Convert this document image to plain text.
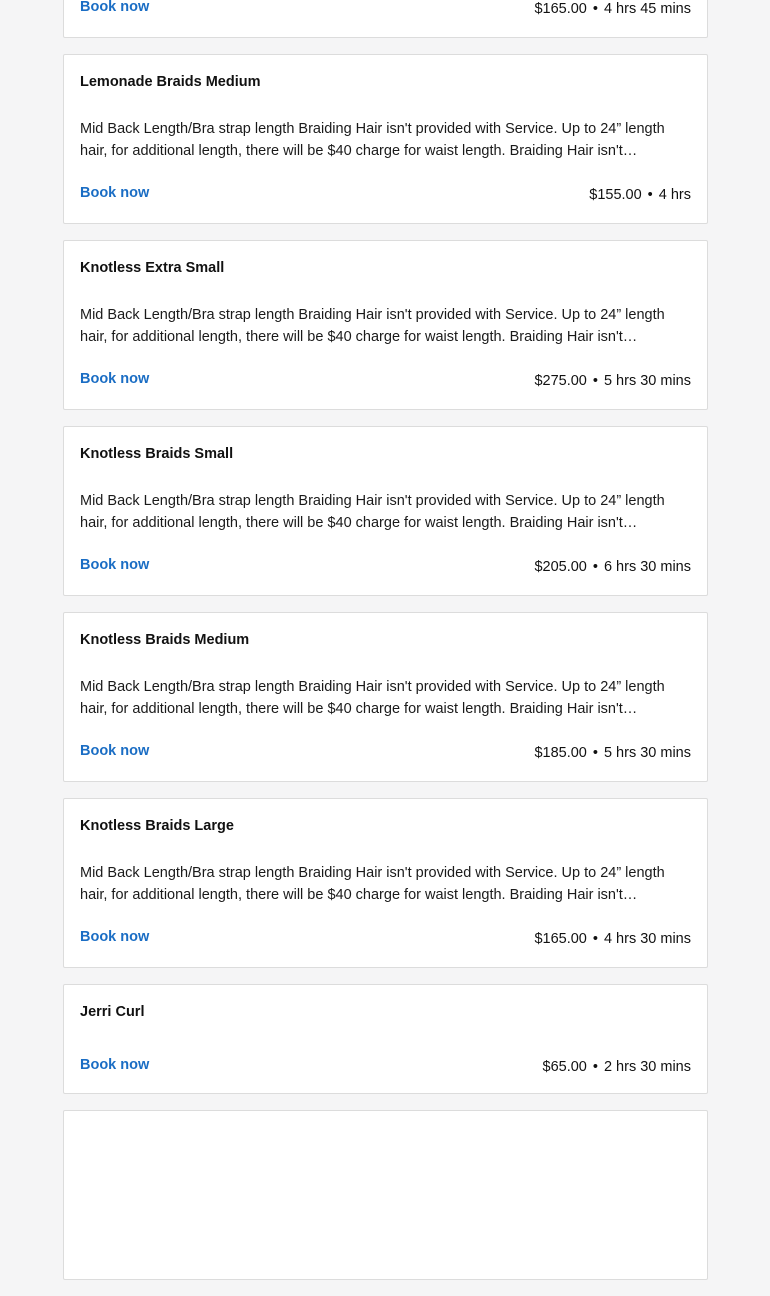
Book now	$165.00 • 4 hrs 45 mins
Lemonade Braids Medium
Mid Back Length/Bra strap length Braiding Hair isn't provided with Service. Up to 24” length hair, for additional length, there will be $40 charge for waist length. Braiding Hair isn't…
Book now	$155.00 • 4 hrs
Knotless Extra Small
Mid Back Length/Bra strap length Braiding Hair isn't provided with Service. Up to 24” length hair, for additional length, there will be $40 charge for waist length. Braiding Hair isn't…
Book now	$275.00 • 5 hrs 30 mins
Knotless Braids Small
Mid Back Length/Bra strap length Braiding Hair isn't provided with Service. Up to 24” length hair, for additional length, there will be $40 charge for waist length. Braiding Hair isn't…
Book now	$205.00 • 6 hrs 30 mins
Knotless Braids Medium
Mid Back Length/Bra strap length Braiding Hair isn't provided with Service. Up to 24” length hair, for additional length, there will be $40 charge for waist length. Braiding Hair isn't…
Book now	$185.00 • 5 hrs 30 mins
Knotless Braids Large
Mid Back Length/Bra strap length Braiding Hair isn't provided with Service. Up to 24” length hair, for additional length, there will be $40 charge for waist length. Braiding Hair isn't…
Book now	$165.00 • 4 hrs 30 mins
Jerri Curl
Book now	$65.00 • 2 hrs 30 mins
